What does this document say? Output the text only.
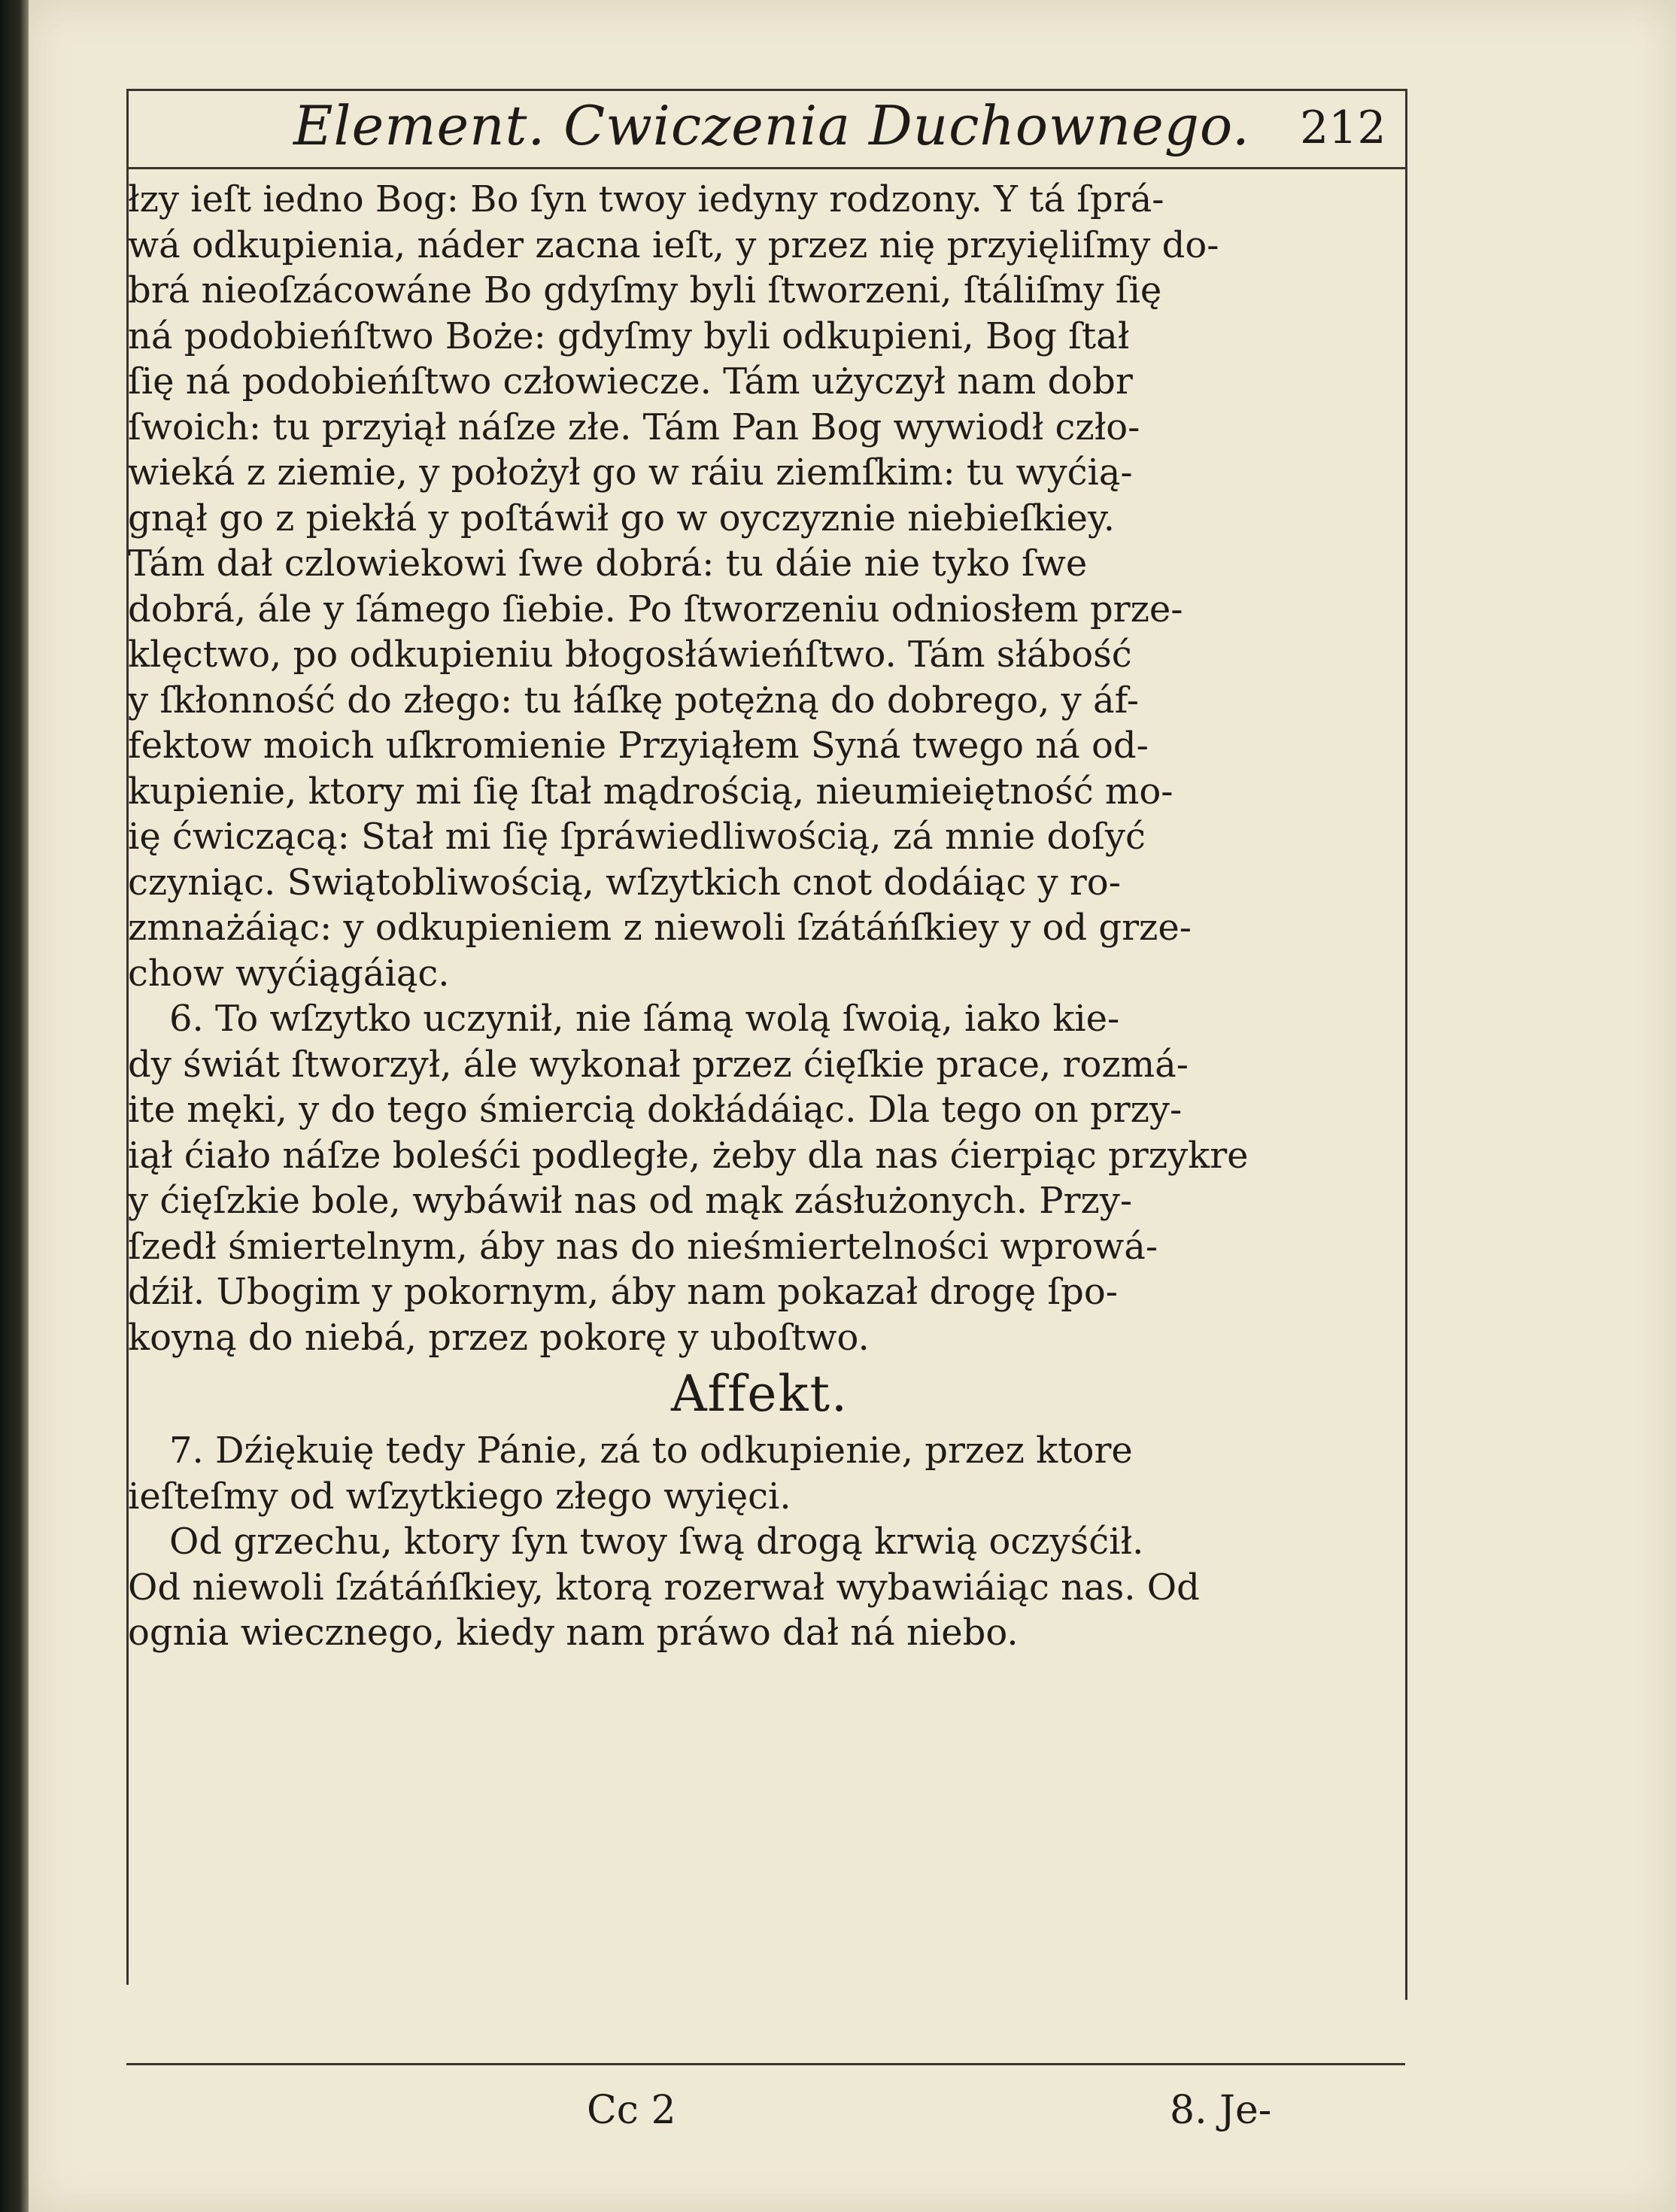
Element. Cwiczenia Duchownego. 212
łzy ieſt iedno Bog: Bo ſyn twoy iedyny rodzony. Y tá ſprá-
wá odkupienia, náder zacna ieſt, y przez nię przyięliſmy do-
brá nieoſzácowáne Bo gdyſmy byli ſtworzeni, ſtáliſmy ſię
ná podobieńſtwo Boże: gdyſmy byli odkupieni, Bog ſtał
ſię ná podobieńſtwo człowiecze. Tám użyczył nam dobr
ſwoich: tu przyiął náſze złe. Tám Pan Bog wywiodł czło-
wieká z ziemie, y położył go w ráiu ziemſkim: tu wyćią-
gnął go z piekłá y poſtáwił go w oyczyznie niebieſkiey.
Tám dał czlowiekowi ſwe dobrá: tu dáie nie tyko ſwe
dobrá, ále y ſámego ſiebie. Po ſtworzeniu odniosłem prze-
klęctwo, po odkupieniu błogosłáwieńſtwo. Tám słábość
y ſkłonność do złego: tu łáſkę potężną do dobrego, y áf-
fektow moich uſkromienie Przyiąłem Syná twego ná od-
kupienie, ktory mi ſię ſtał mądrością, nieumieiętność mo-
ię ćwiczącą: Stał mi ſię ſpráwiedliwością, zá mnie doſyć
czyniąc. Swiątobliwością, wſzytkich cnot dodáiąc y ro-
zmnażáiąc: y odkupieniem z niewoli ſzátáńſkiey y od grze-
chow wyćiągáiąc.
6. To wſzytko uczynił, nie ſámą wolą ſwoią, iako kie-
dy świát ſtworzył, ále wykonał przez ćięſkie prace, rozmá-
ite męki, y do tego śmiercią dokłádáiąc. Dla tego on przy-
iął ćiało náſze boleśći podległe, żeby dla nas ćierpiąc przykre
y ćięſzkie bole, wybáwił nas od mąk zásłużonych. Przy-
ſzedł śmiertelnym, áby nas do nieśmiertelności wprowá-
dźił. Ubogim y pokornym, áby nam pokazał drogę ſpo-
koyną do niebá, przez pokorę y uboſtwo.
Affekt.
7. Dźiękuię tedy Pánie, zá to odkupienie, przez ktore
ieſteſmy od wſzytkiego złego wyięci.
Od grzechu, ktory ſyn twoy ſwą drogą krwią oczyśćił.
Od niewoli ſzátáńſkiey, ktorą rozerwał wybawiáiąc nas. Od
ognia wiecznego, kiedy nam práwo dał ná niebo.
Cc 2	8. Je-
